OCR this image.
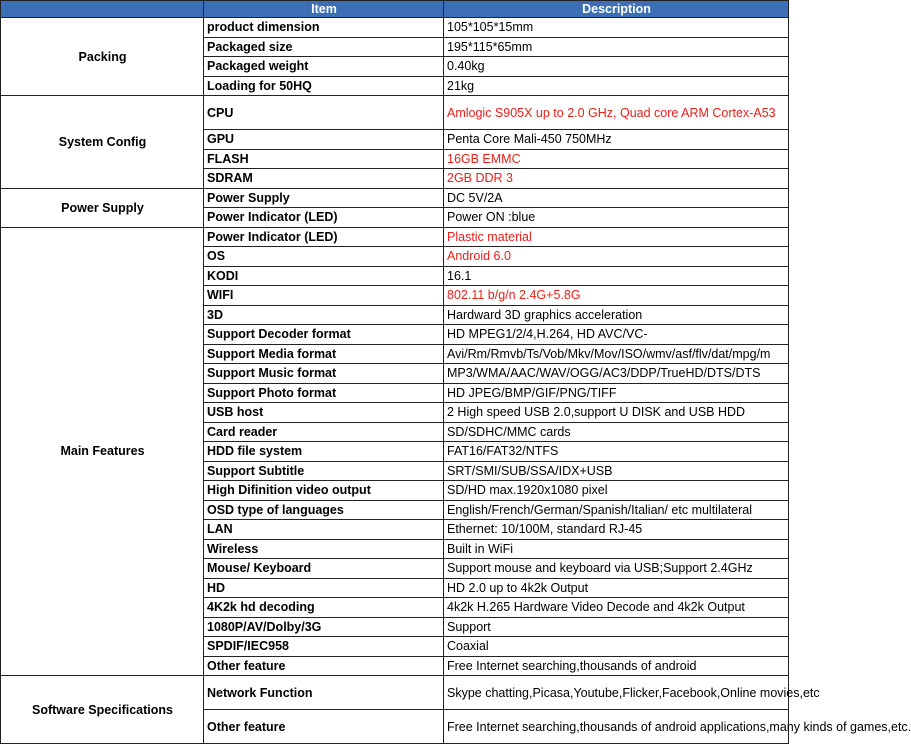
	Item	Description
Packing	product dimension	105*105*15mm
	Packaged size	195*115*65mm
	Packaged weight	0.40kg
	Loading for 50HQ	21kg
System Config	CPU	Amlogic S905X up to 2.0 GHz, Quad core ARM Cortex-A53
	GPU	Penta Core Mali-450 750MHz
	FLASH	16GB EMMC
	SDRAM	2GB DDR 3
Power Supply	Power Supply	DC 5V/2A
	Power Indicator (LED)	Power ON :blue
Main Features	Power Indicator (LED)	Plastic material
	OS	Android 6.0
	KODI	16.1
	WIFI	802.11 b/g/n 2.4G+5.8G
	3D	Hardward 3D graphics acceleration
	Support Decoder format	HD MPEG1/2/4,H.264, HD AVC/VC-
	Support Media format	Avi/Rm/Rmvb/Ts/Vob/Mkv/Mov/ISO/wmv/asf/flv/dat/mpg/m
	Support Music format	MP3/WMA/AAC/WAV/OGG/AC3/DDP/TrueHD/DTS/DTS
	Support Photo format	HD JPEG/BMP/GIF/PNG/TIFF
	USB host	2 High speed USB 2.0,support U DISK and USB HDD
	Card reader	SD/SDHC/MMC cards
	HDD file system	FAT16/FAT32/NTFS
	Support Subtitle	SRT/SMI/SUB/SSA/IDX+USB
	High Difinition video output	SD/HD max.1920x1080 pixel
	OSD type of languages	English/French/German/Spanish/Italian/ etc multilateral
	LAN	Ethernet: 10/100M, standard RJ-45
	Wireless	Built in WiFi
	Mouse/ Keyboard	Support mouse and keyboard via USB;Support 2.4GHz
	HD	HD 2.0 up to 4k2k Output
	4K2k hd decoding	4k2k H.265 Hardware Video Decode and 4k2k Output
	1080P/AV/Dolby/3G	Support
	SPDIF/IEC958	Coaxial
	Other feature	Free Internet searching,thousands of android
Software Specifications	Network Function	Skype chatting,Picasa,Youtube,Flicker,Facebook,Online movies,etc
	Other feature	Free Internet searching,thousands of android applications,many kinds of games,etc.
